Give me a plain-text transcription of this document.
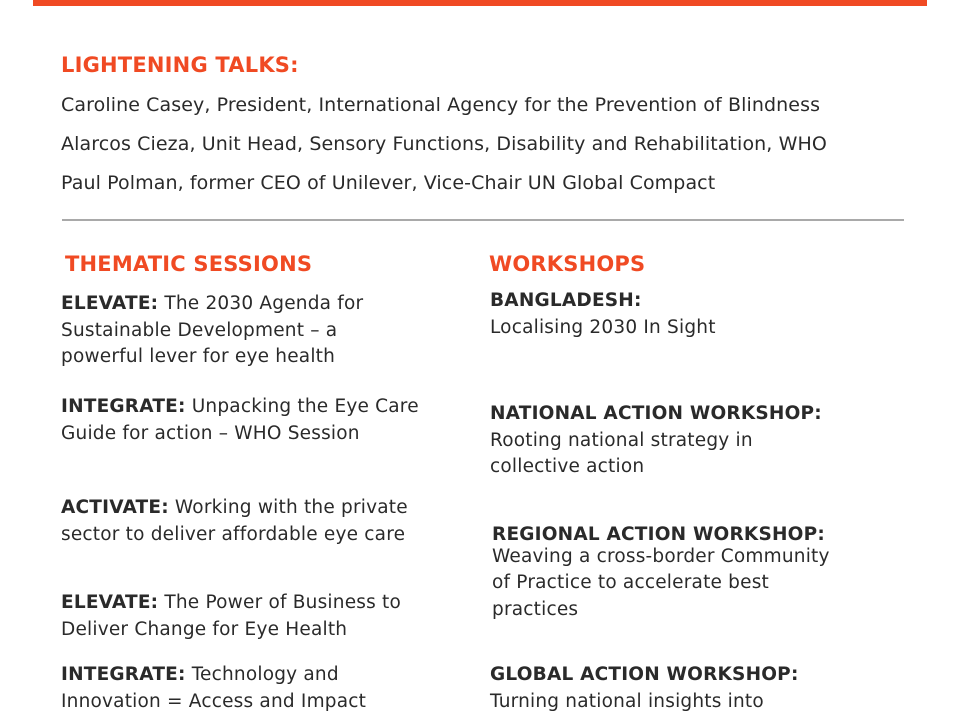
LIGHTENING TALKS:

Caroline Casey, President, International Agency for the Prevention of Blindness

Alarcos Cieza, Unit Head, Sensory Functions, Disability and Rehabilitation, WHO

Paul Polman, former CEO of Unilever, Vice-Chair UN Global Compact

THEMATIC SESSIONS	WORKSHOPS

ELEVATE: The 2030 Agenda for Sustainable Development – a powerful lever for eye health

INTEGRATE: Unpacking the Eye Care Guide for action – WHO Session

ACTIVATE: Working with the private sector to deliver affordable eye care

ELEVATE: The Power of Business to Deliver Change for Eye Health

INTEGRATE: Technology and Innovation = Access and Impact

BANGLADESH:
Localising 2030 In Sight

NATIONAL ACTION WORKSHOP:
Rooting national strategy in collective action

REGIONAL ACTION WORKSHOP:
Weaving a cross-border Community of Practice to accelerate best practices

GLOBAL ACTION WORKSHOP:
Turning national insights into
